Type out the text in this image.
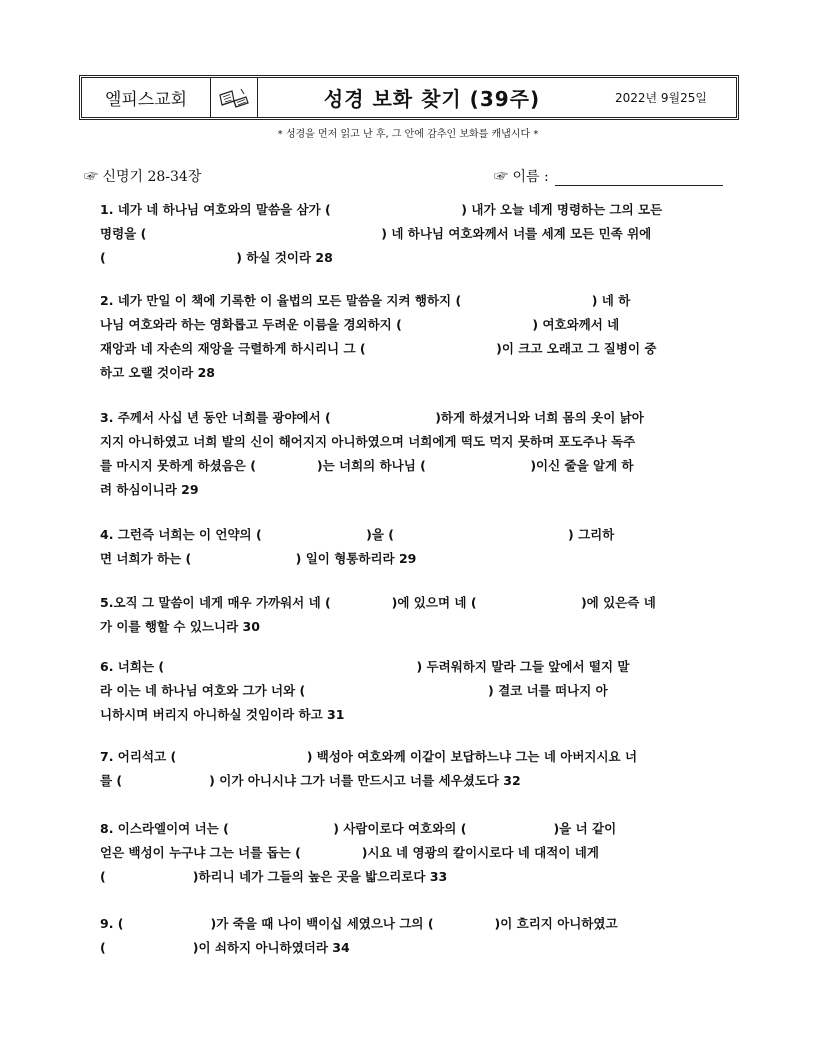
엘피스교회	성경 보화 찾기 (39주)	2022년 9월25일
* 성경을 먼저 읽고 난 후, 그 안에 감추인 보화를 캐냅시다 *
☞ 신명기 28-34장	☞ 이름 :
1. 네가 네 하나님 여호와의 말씀을 삼가 (                              ) 내가 오늘 네게 명령하는 그의 모든
명령을 (                                                      ) 네 하나님 여호와께서 너를 세계 모든 민족 위에
(                              ) 하실 것이라 28
2. 네가 만일 이 책에 기록한 이 율법의 모든 말씀을 지켜 행하지 (                              ) 네 하
나님 여호와라 하는 영화롭고 두려운 이름을 경외하지 (                              ) 여호와께서 네
재앙과 네 자손의 재앙을 극렬하게 하시리니 그 (                              )이 크고 오래고 그 질병이 중
하고 오랠 것이라 28
3. 주께서 사십 년 동안 너희를 광야에서 (                        )하게 하셨거니와 너희 몸의 옷이 낡아
지지 아니하였고 너희 발의 신이 해어지지 아니하였으며 너희에게 떡도 먹지 못하며 포도주나 독주
를 마시지 못하게 하셨음은 (              )는 너희의 하나님 (                        )이신 줄을 알게 하
려 하심이니라 29
4. 그런즉 너희는 이 언약의 (                        )을 (                                        ) 그리하
면 너희가 하는 (                        ) 일이 형통하리라 29
5.오직 그 말씀이 네게 매우 가까워서 네 (              )에 있으며 네 (                        )에 있은즉 네
가 이를 행할 수 있느니라 30
6. 너희는 (                                                          ) 두려워하지 말라 그들 앞에서 떨지 말
라 이는 네 하나님 여호와 그가 너와 (                                          ) 결코 너를 떠나지 아
니하시며 버리지 아니하실 것임이라 하고 31
7. 어리석고 (                              ) 백성아 여호와께 이같이 보답하느냐 그는 네 아버지시요 너
를 (                    ) 이가 아니시냐 그가 너를 만드시고 너를 세우셨도다 32
8. 이스라엘이여 너는 (                        ) 사람이로다 여호와의 (                    )을 너 같이
얻은 백성이 누구냐 그는 너를 돕는 (              )시요 네 영광의 칼이시로다 네 대적이 네게
(                    )하리니 네가 그들의 높은 곳을 밟으리로다 33
9. (                    )가 죽을 때 나이 백이십 세였으나 그의 (              )이 흐리지 아니하였고
(                    )이 쇠하지 아니하였더라 34
